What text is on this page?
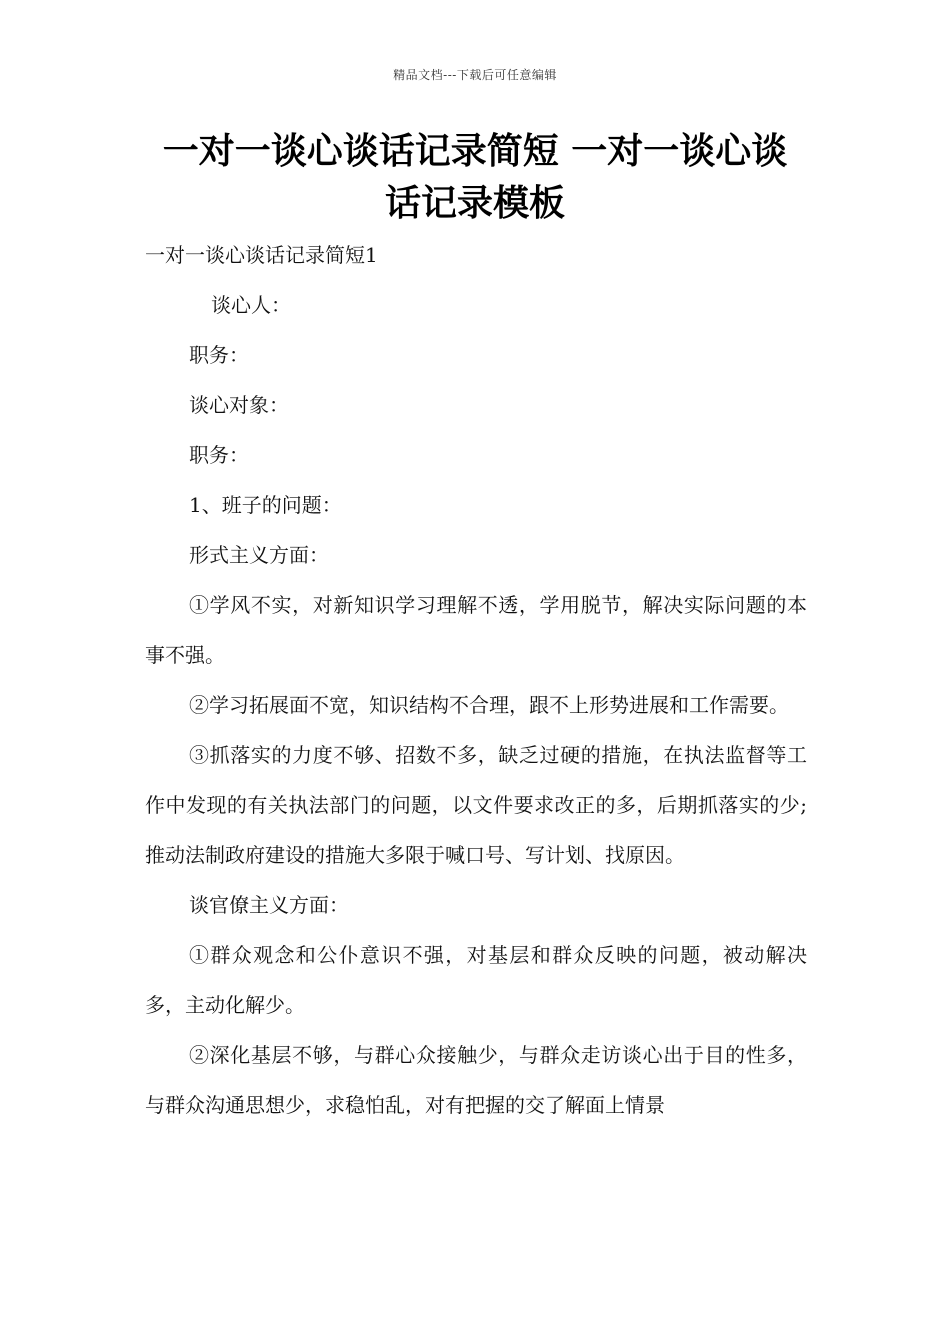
精品文档---下载后可任意编辑
一对一谈心谈话记录简短 一对一谈心谈话记录模板

一对一谈心谈话记录简短1

谈心人：

职务：

谈心对象：

职务：

1、班子的问题：

形式主义方面：

①学风不实，对新知识学习理解不透，学用脱节，解决实际问题的本事不强。

②学习拓展面不宽，知识结构不合理，跟不上形势进展和工作需要。

③抓落实的力度不够、招数不多，缺乏过硬的措施，在执法监督等工作中发现的有关执法部门的问题，以文件要求改正的多，后期抓落实的少;推动法制政府建设的措施大多限于喊口号、写计划、找原因。

谈官僚主义方面：

①群众观念和公仆意识不强，对基层和群众反映的问题，被动解决多，主动化解少。

②深化基层不够，与群心众接触少，与群众走访谈心出于目的性多，与群众沟通思想少，求稳怕乱，对有把握的交了解面上情景
